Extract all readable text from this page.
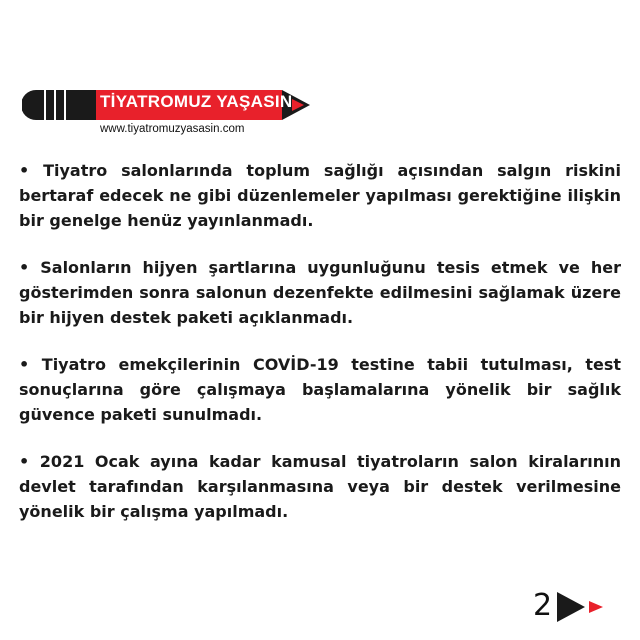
TİYATROMUZ YAŞASIN
www.tiyatromuzyasasin.com

• Tiyatro salonlarında toplum sağlığı açısından salgın riskini bertaraf edecek ne gibi düzenlemeler yapılması gerektiğine ilişkin bir genelge henüz yayınlanmadı.

• Salonların hijyen şartlarına uygunluğunu tesis etmek ve her gösterimden sonra salonun dezenfekte edilmesini sağlamak üzere bir hijyen destek paketi açıklanmadı.

• Tiyatro emekçilerinin COVİD-19 testine tabii tutulması, test sonuçlarına göre çalışmaya başlamalarına yönelik bir sağlık güvence paketi sunulmadı.

• 2021 Ocak ayına kadar kamusal tiyatroların salon kiralarının devlet tarafından karşılanmasına veya bir destek verilmesine yönelik bir çalışma yapılmadı.

2
